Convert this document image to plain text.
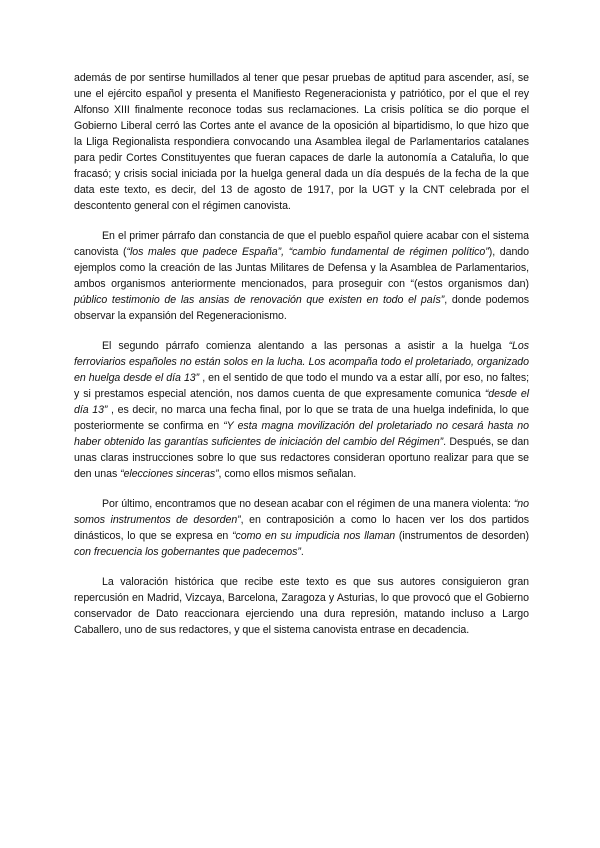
además de por sentirse humillados al tener que pesar pruebas de aptitud para ascender, así, se une el ejército español y presenta el Manifiesto Regeneracionista y patriótico, por el que el rey Alfonso XIII finalmente reconoce todas sus reclamaciones. La crisis política se dio porque el Gobierno Liberal cerró las Cortes ante el avance de la oposición al bipartidismo, lo que hizo que la Lliga Regionalista respondiera convocando una Asamblea ilegal de Parlamentarios catalanes para pedir Cortes Constituyentes que fueran capaces de darle la autonomía a Cataluña, lo que fracasó; y crisis social iniciada por la huelga general dada un día después de la fecha de la que data este texto, es decir, del 13 de agosto de 1917, por la UGT y la CNT celebrada por el descontento general con el régimen canovista.

En el primer párrafo dan constancia de que el pueblo español quiere acabar con el sistema canovista (“los males que padece España”, “cambio fundamental de régimen político”), dando ejemplos como la creación de las Juntas Militares de Defensa y la Asamblea de Parlamentarios, ambos organismos anteriormente mencionados, para proseguir con “(estos organismos dan) público testimonio de las ansias de renovación que existen en todo el país”, donde podemos observar la expansión del Regeneracionismo.

El segundo párrafo comienza alentando a las personas a asistir a la huelga “Los ferroviarios españoles no están solos en la lucha. Los acompaña todo el proletariado, organizado en huelga desde el día 13” , en el sentido de que todo el mundo va a estar allí, por eso, no faltes; y si prestamos especial atención, nos damos cuenta de que expresamente comunica “desde el día 13” , es decir, no marca una fecha final, por lo que se trata de una huelga indefinida, lo que posteriormente se confirma en “Y esta magna movilización del proletariado no cesará hasta no haber obtenido las garantías suficientes de iniciación del cambio del Régimen”. Después, se dan unas claras instrucciones sobre lo que sus redactores consideran oportuno realizar para que se den unas “elecciones sinceras”, como ellos mismos señalan.

Por último, encontramos que no desean acabar con el régimen de una manera violenta: “no somos instrumentos de desorden”, en contraposición a como lo hacen ver los dos partidos dinásticos, lo que se expresa en “como en su impudicia nos llaman (instrumentos de desorden) con frecuencia los gobernantes que padecemos”.

La valoración histórica que recibe este texto es que sus autores consiguieron gran repercusión en Madrid, Vizcaya, Barcelona, Zaragoza y Asturias, lo que provocó que el Gobierno conservador de Dato reaccionara ejerciendo una dura represión, matando incluso a Largo Caballero, uno de sus redactores, y que el sistema canovista entrase en decadencia.
